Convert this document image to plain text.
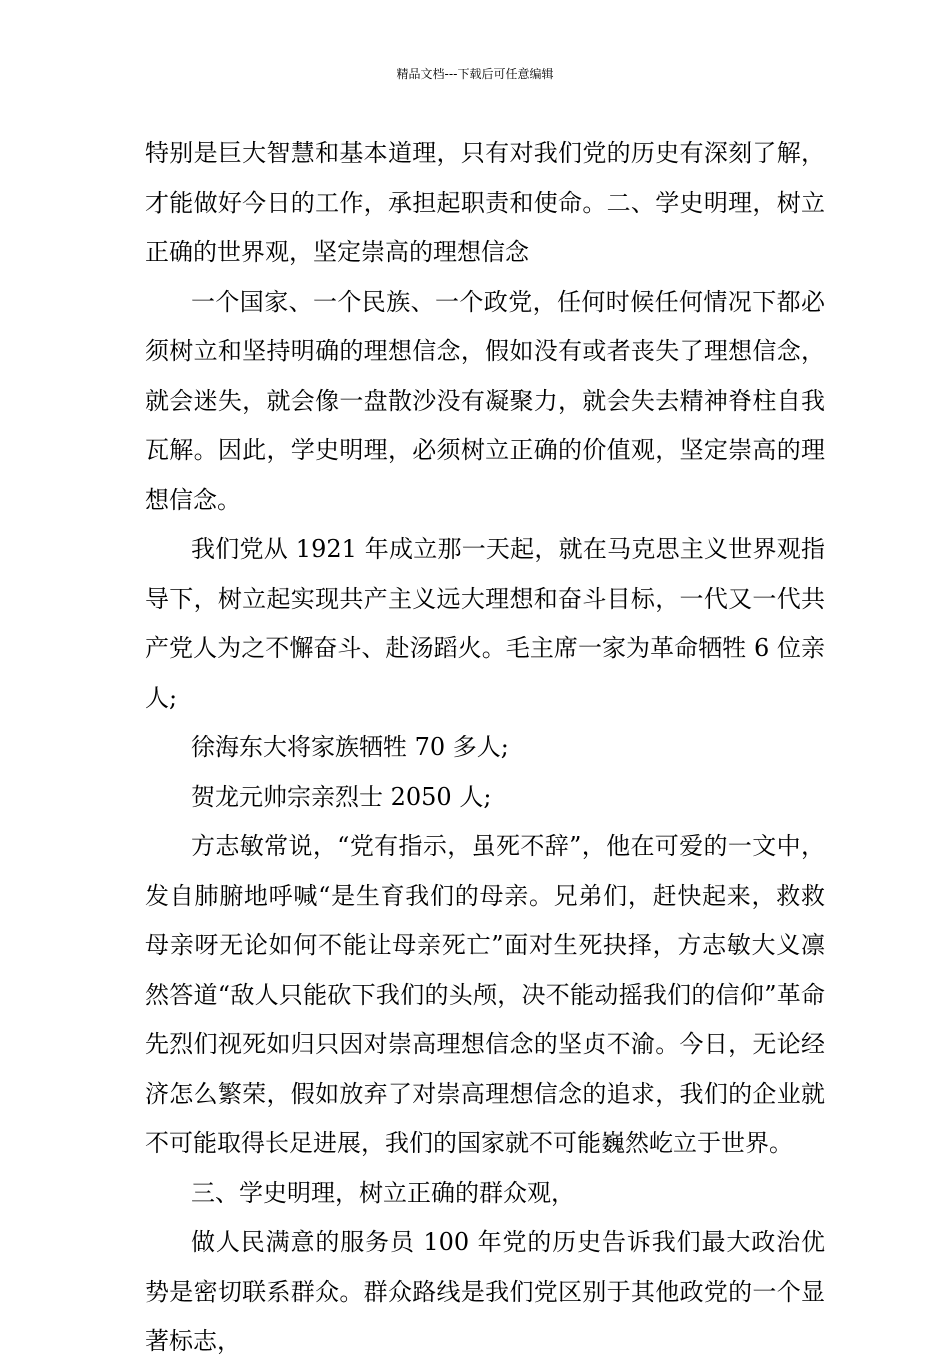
精品文档---下载后可任意编辑

特别是巨大智慧和基本道理，只有对我们党的历史有深刻了解，才能做好今日的工作，承担起职责和使命。二、学史明理，树立正确的世界观，坚定崇高的理想信念

一个国家、一个民族、一个政党，任何时候任何情况下都必须树立和坚持明确的理想信念，假如没有或者丧失了理想信念，就会迷失，就会像一盘散沙没有凝聚力，就会失去精神脊柱自我瓦解。因此，学史明理，必须树立正确的价值观，坚定崇高的理想信念。

我们党从 1921 年成立那一天起，就在马克思主义世界观指导下，树立起实现共产主义远大理想和奋斗目标，一代又一代共产党人为之不懈奋斗、赴汤蹈火。毛主席一家为革命牺牲 6 位亲人;

徐海东大将家族牺牲 70 多人;

贺龙元帅宗亲烈士 2050 人;

方志敏常说，“党有指示，虽死不辞”，他在可爱的一文中，发自肺腑地呼喊“是生育我们的母亲。兄弟们，赶快起来，救救母亲呀无论如何不能让母亲死亡”面对生死抉择，方志敏大义凛然答道“敌人只能砍下我们的头颅，决不能动摇我们的信仰”革命先烈们视死如归只因对崇高理想信念的坚贞不渝。今日，无论经济怎么繁荣，假如放弃了对崇高理想信念的追求，我们的企业就不可能取得长足进展，我们的国家就不可能巍然屹立于世界。

三、学史明理，树立正确的群众观，

做人民满意的服务员 100 年党的历史告诉我们最大政治优势是密切联系群众。群众路线是我们党区别于其他政党的一个显著标志，
